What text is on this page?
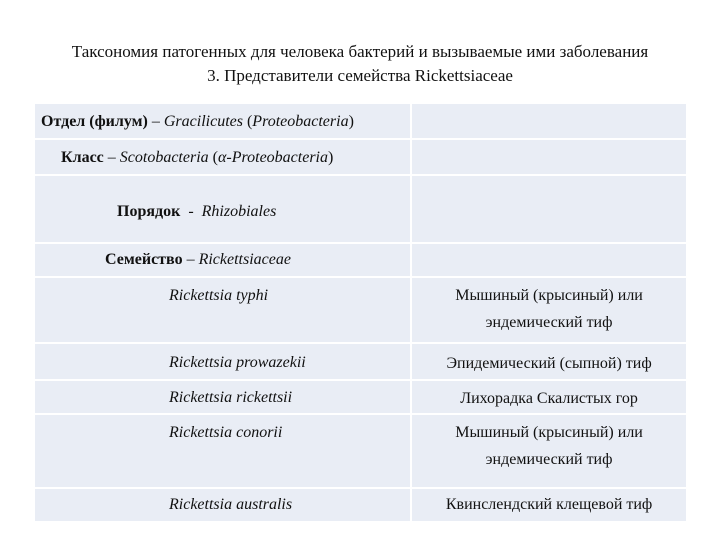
Таксономия патогенных для человека бактерий и вызываемые ими заболевания
3. Представители семейства Rickettsiaceae
Отдел (филум) – Gracilicutes (Proteobacteria)	

Класс – Scotobacteria (α-Proteobacteria)	

Порядок  -  Rhizobiales	

Семейство – Rickettsiaceae	

Rickettsia typhi	Мышиный (крысиный) или эндемический тиф

Rickettsia prowazekii	Эпидемический (сыпной) тиф

Rickettsia rickettsii	Лихорадка Скалистых гор

Rickettsia conorii	Мышиный (крысиный) или эндемический тиф

Rickettsia australis	Квинслендский клещевой тиф
